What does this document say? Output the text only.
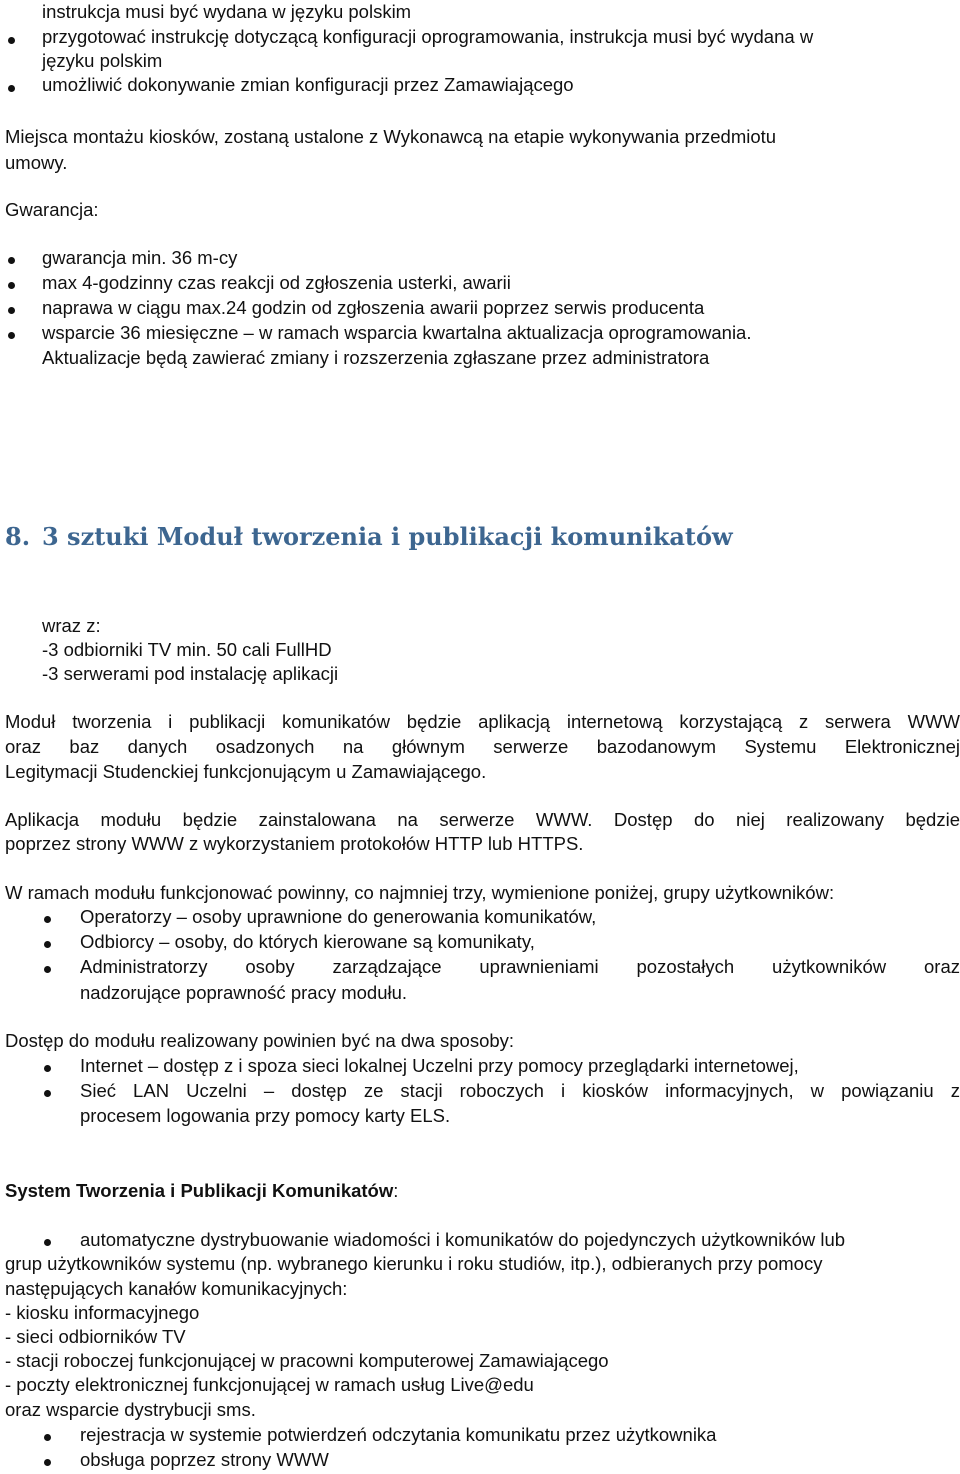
instrukcja musi być wydana w języku polskim
przygotować instrukcję dotyczącą konfiguracji oprogramowania, instrukcja musi być wydana w
języku polskim
umożliwić dokonywanie zmian konfiguracji przez Zamawiającego
Miejsca montażu kiosków, zostaną ustalone z Wykonawcą na etapie wykonywania przedmiotu
umowy.
Gwarancja:
gwarancja min. 36 m-cy
max 4-godzinny czas reakcji od zgłoszenia usterki, awarii
naprawa w ciągu max.24 godzin od zgłoszenia awarii poprzez serwis producenta
wsparcie 36 miesięczne – w ramach wsparcia kwartalna aktualizacja oprogramowania.
Aktualizacje będą zawierać zmiany i rozszerzenia zgłaszane przez administratora
8. 3 sztuki Moduł tworzenia i publikacji komunikatów
wraz z:
-3 odbiorniki TV min. 50 cali FullHD
-3 serwerami pod instalację aplikacji
Moduł tworzenia i publikacji komunikatów będzie aplikacją internetową korzystającą z serwera WWW
oraz baz danych osadzonych na głównym serwerze bazodanowym Systemu Elektronicznej
Legitymacji Studenckiej funkcjonującym u Zamawiającego.
Aplikacja modułu będzie zainstalowana na serwerze WWW. Dostęp do niej realizowany będzie
poprzez strony WWW z wykorzystaniem protokołów HTTP lub HTTPS.
W ramach modułu funkcjonować powinny, co najmniej trzy, wymienione poniżej, grupy użytkowników:
Operatorzy – osoby uprawnione do generowania komunikatów,
Odbiorcy – osoby, do których kierowane są komunikaty,
Administratorzy osoby zarządzające uprawnieniami pozostałych użytkowników oraz
nadzorujące poprawność pracy modułu.
Dostęp do modułu realizowany powinien być na dwa sposoby:
Internet – dostęp z i spoza sieci lokalnej Uczelni przy pomocy przeglądarki internetowej,
Sieć LAN Uczelni – dostęp ze stacji roboczych i kiosków informacyjnych, w powiązaniu z
procesem logowania przy pomocy karty ELS.
System Tworzenia i Publikacji Komunikatów:
automatyczne dystrybuowanie wiadomości i komunikatów do pojedynczych użytkowników lub
grup użytkowników systemu (np. wybranego kierunku i roku studiów, itp.), odbieranych przy pomocy
następujących kanałów komunikacyjnych:
- kiosku informacyjnego
- sieci odbiorników TV
- stacji roboczej funkcjonującej w pracowni komputerowej Zamawiającego
- poczty elektronicznej funkcjonującej w ramach usług Live@edu
oraz wsparcie dystrybucji sms.
rejestracja w systemie potwierdzeń odczytania komunikatu przez użytkownika
obsługa poprzez strony WWW
